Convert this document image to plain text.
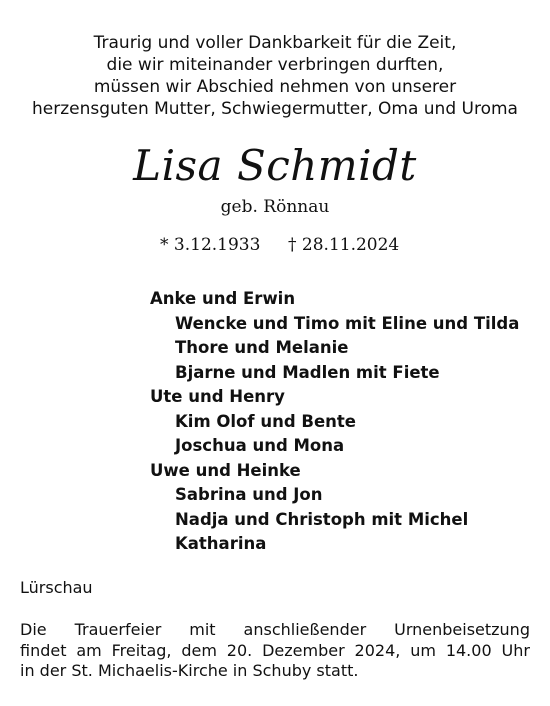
Traurig und voller Dankbarkeit für die Zeit,
die wir miteinander verbringen durften,
müssen wir Abschied nehmen von unserer
herzensguten Mutter, Schwiegermutter, Oma und Uroma
Lisa Schmidt
geb. Rönnau
* 3.12.1933 † 28.11.2024
Anke und Erwin
Wencke und Timo mit Eline und Tilda
Thore und Melanie
Bjarne und Madlen mit Fiete
Ute und Henry
Kim Olof und Bente
Joschua und Mona
Uwe und Heinke
Sabrina und Jon
Nadja und Christoph mit Michel
Katharina
Lürschau
Die Trauerfeier mit anschließender Urnenbeisetzung
findet am Freitag, dem 20. Dezember 2024, um 14.00 Uhr
in der St. Michaelis-Kirche in Schuby statt.
